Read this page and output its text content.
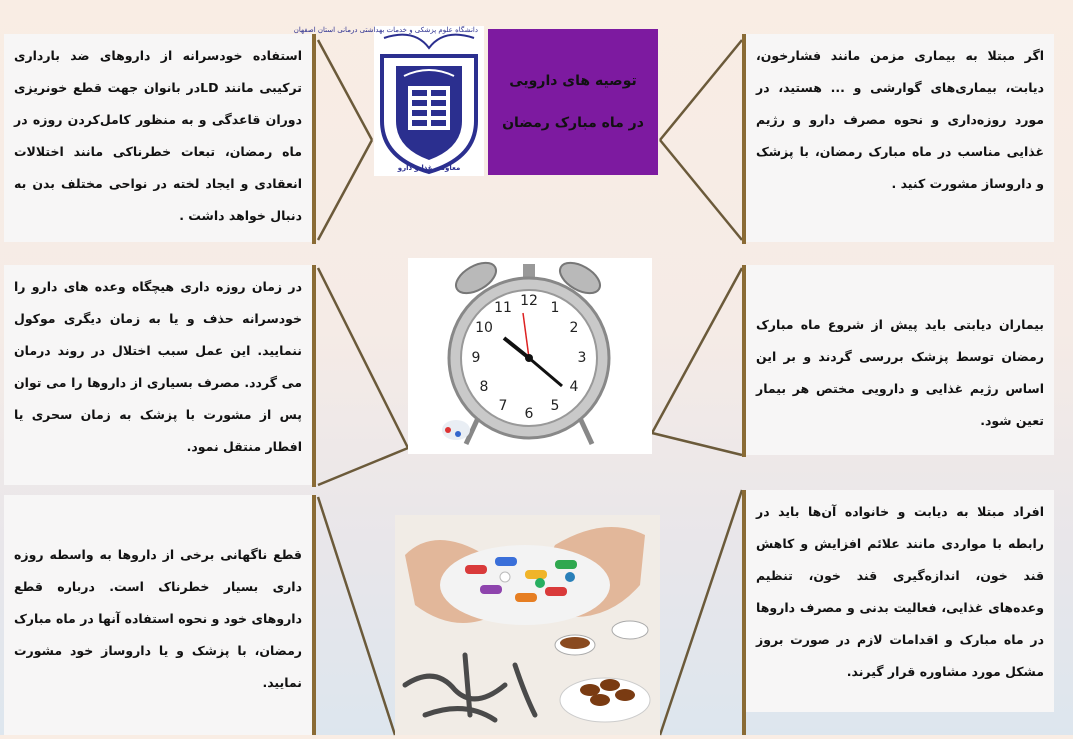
استفاده خودسرانه از داروهای ضد بارداری ترکیبی مانند LDدر بانوان جهت قطع خونریزی دوران قاعدگی و به منظور کامل‌کردن روزه در ماه رمضان، تبعات خطرناکی مانند اختلالات انعقادی و ایجاد لخته در نواحی مختلف بدن به دنبال خواهد داشت .

در زمان روزه داری هیچگاه وعده های دارو را خودسرانه حذف و یا به زمان دیگری موکول ننمایید. این عمل سبب اختلال در روند درمان می گردد. مصرف بسیاری از داروها را می توان پس از مشورت با پزشک به زمان سحری یا افطار منتقل نمود.

قطع ناگهانی برخی از داروها به واسطه روزه داری بسیار خطرناک است. درباره قطع داروهای خود و نحوه استفاده آنها در ماه مبارک رمضان، با پزشک و یا داروساز خود مشورت نمایید.

اگر مبتلا به بیماری مزمن مانند فشارخون، دیابت، بیماری‌های گوارشی و ... هستید، در مورد روزه‌داری و نحوه مصرف دارو و رژیم غذایی مناسب در ماه مبارک رمضان، با پزشک و داروساز مشورت کنید .

بیماران دیابتی باید پیش از شروع ماه مبارک رمضان توسط پزشک بررسی گردند و بر این اساس رژیم غذایی و دارویی مختص هر بیمار تعین شود.

افراد مبتلا به دیابت و خانواده آن‌ها باید در رابطه با مواردی مانند علائم افزایش و کاهش قند خون، اندازه‌گیری قند خون، تنظیم وعده‌های غذایی، فعالیت بدنی و مصرف داروها در ماه مبارک و اقدامات لازم در صورت بروز مشکل مورد مشاوره قرار گیرند.

دانشگاه علوم پزشکی و خدمات بهداشتی درمانی استان اصفهان
معاونت غذا و دارو
توصیه های دارویی
در ماه مبارک رمضان
12 1
2
3
4
5
6
7
8
9
10
11
